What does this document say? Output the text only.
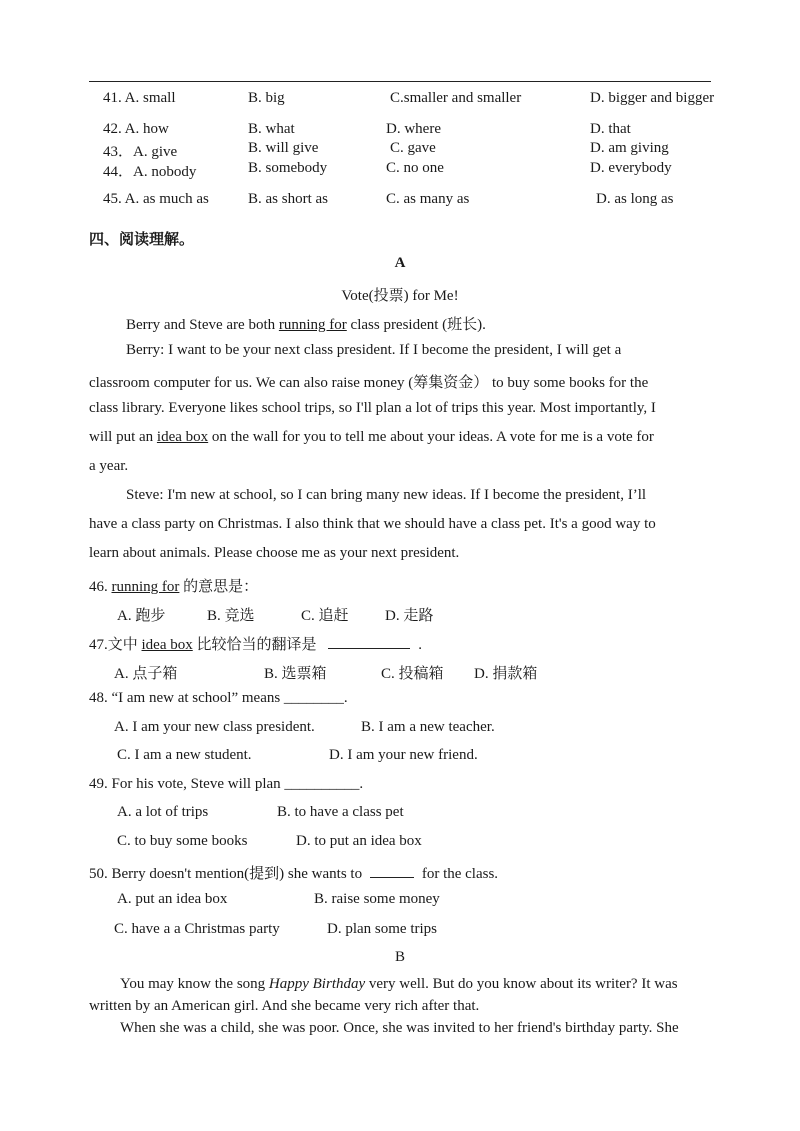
41. A. small	B. big	C.smaller and smaller	D. bigger and bigger
42. A. how	B. what	D. where	D. that
43．A. give	B. will give	C. gave	D. am giving
44．A. nobody	B. somebody	C. no one	D. everybody
45. A. as much as	B. as short as	C. as many as	D. as long as
四、阅读理解。
A
Vote(投票) for Me!
Berry and Steve are both running for class president (班长).
Berry: I want to be your next class president. If I become the president, I will get a
classroom computer for us. We can also raise money (筹集资金） to buy some books for the
class library. Everyone likes school trips, so I'll plan a lot of trips this year. Most importantly, I
will put an idea box on the wall for you to tell me about your ideas. A vote for me is a vote for
a year.
Steve: I'm new at school, so I can bring many new ideas. If I become the president, I’ll
have a class party on Christmas. I also think that we should have a class pet. It's a good way to
learn about animals. Please choose me as your next president.
46. running for 的意思是：
A. 跑步	B. 竞选	C. 追赶 D. 走路
47.文中 idea box 比较恰当的翻译是	.
A. 点子箱	B. 选票箱	C. 投稿箱 D. 捐款箱
48. “I am new at school” means ________.
A. I am your new class president.	B. I am a new teacher.
C. I am a new student.	D. I am your new friend.
49. For his vote, Steve will plan __________.
A. a lot of trips	B. to have a class pet
C. to buy some books	D. to put an idea box
50. Berry doesn't mention(提到) she wants to	for the class.
A. put an idea box	B. raise some money
C. have a a Christmas party	D. plan some trips
B
You may know the song Happy Birthday very well. But do you know about its writer? It was
written by an American girl. And she became very rich after that.
When she was a child, she was poor. Once, she was invited to her friend's birthday party. She
